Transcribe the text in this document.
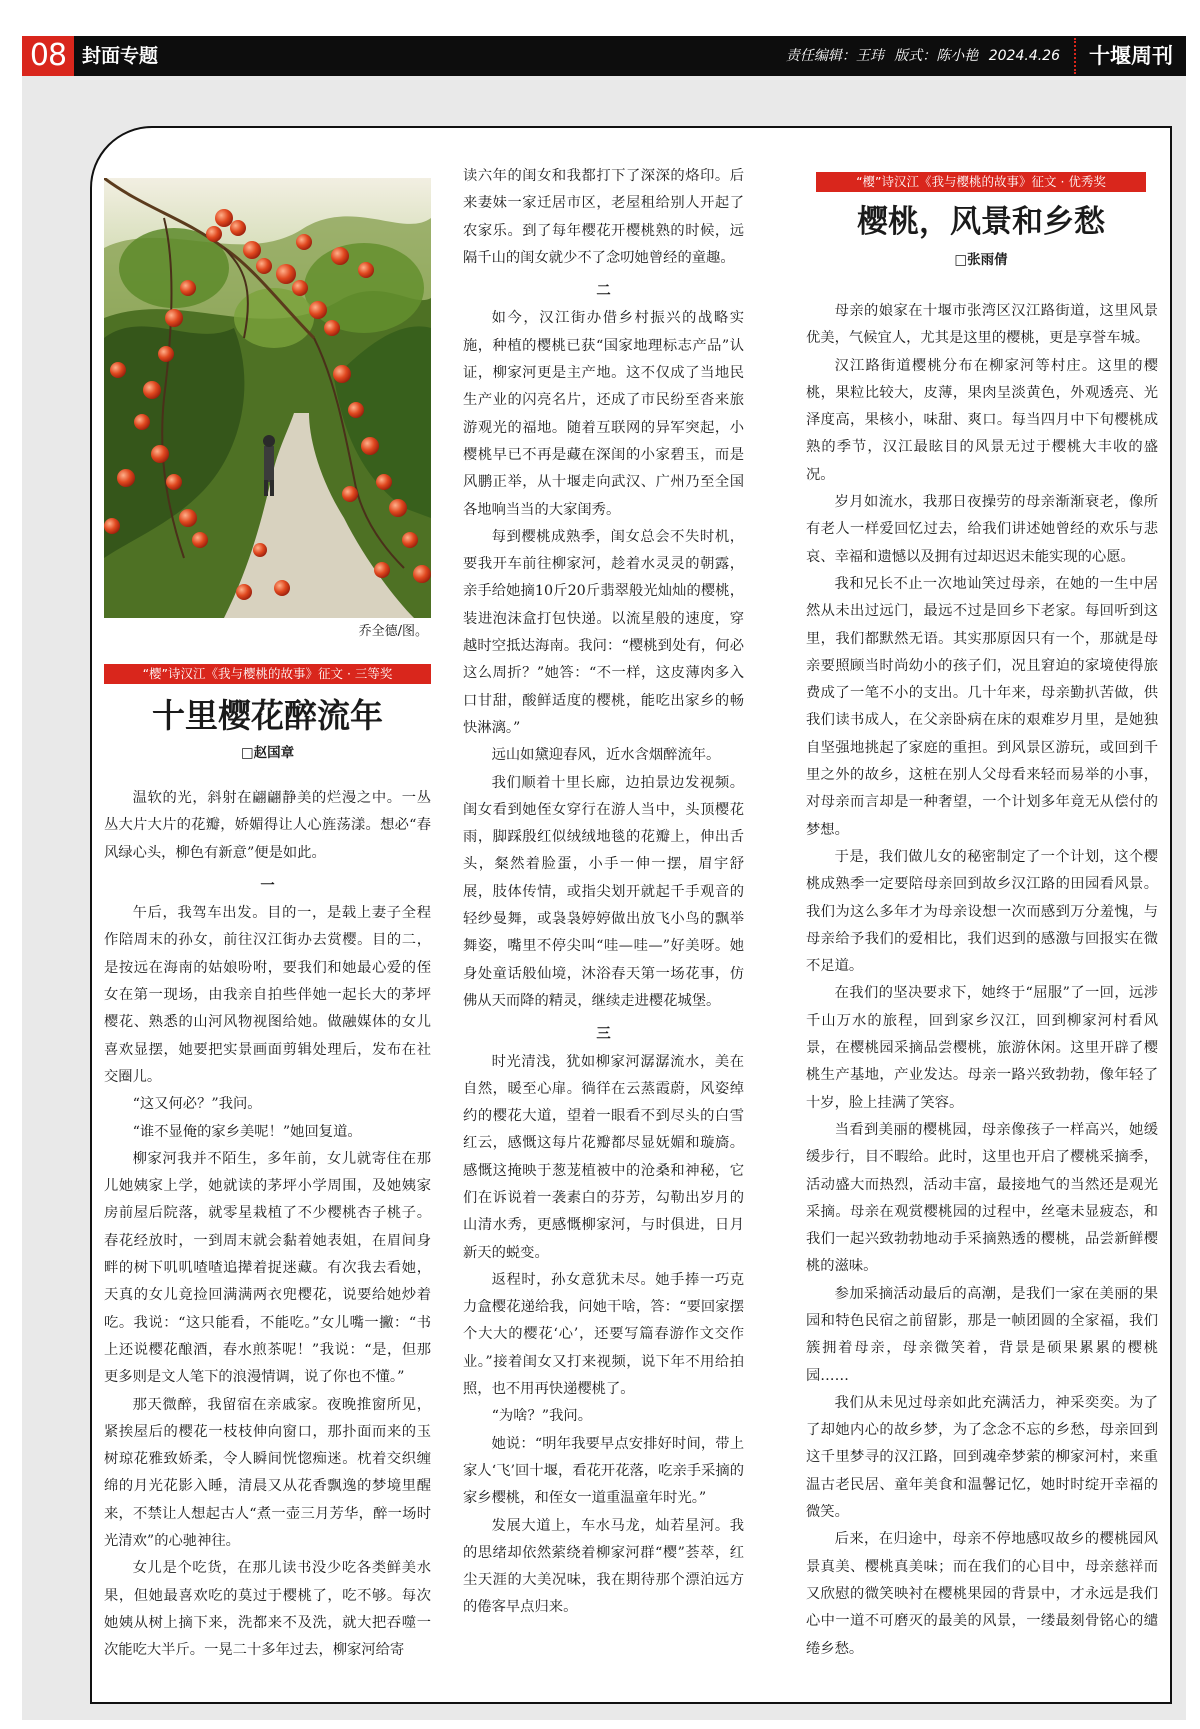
08 封面专题	责任编辑：王玮 版式：陈小艳 2024.4.26	十堰周刊
乔全德/图。
“樱”诗汉江《我与樱桃的故事》征文 · 三等奖
十里樱花醉流年
□赵国章

温软的光，斜射在翩翩静美的烂漫之中。一丛丛大片大片的花瓣，娇媚得让人心旌荡漾。想必“春风绿心头，柳色有新意”便是如此。

一

午后，我驾车出发。目的一，是载上妻子全程作陪周末的孙女，前往汉江街办去赏樱。目的二，是按远在海南的姑娘吩咐，要我们和她最心爱的侄女在第一现场，由我亲自拍些伴她一起长大的茅坪樱花、熟悉的山河风物视图给她。做融媒体的女儿喜欢显摆，她要把实景画面剪辑处理后，发布在社交圈儿。

“这又何必？”我问。

“谁不显俺的家乡美呢！”她回复道。

柳家河我并不陌生，多年前，女儿就寄住在那儿她姨家上学，她就读的茅坪小学周围，及她姨家房前屋后院落，就零星栽植了不少樱桃杏子桃子。春花经放时，一到周末就会黏着她表姐，在眉间身畔的树下叽叽喳喳追撵着捉迷藏。有次我去看她，天真的女儿竟捡回满满两衣兜樱花，说要给她炒着吃。我说：“这只能看，不能吃。”女儿嘴一撇：“书上还说樱花酿酒，春水煎茶呢！”我说：“是，但那更多则是文人笔下的浪漫情调，说了你也不懂。”

那天微醉，我留宿在亲戚家。夜晚推窗所见，紧挨屋后的樱花一枝枝伸向窗口，那扑面而来的玉树琼花雅致娇柔，令人瞬间恍惚痴迷。枕着交织缠绵的月光花影入睡，清晨又从花香飘逸的梦境里醒来，不禁让人想起古人“煮一壶三月芳华，醉一场时光清欢”的心驰神往。

女儿是个吃货，在那儿读书没少吃各类鲜美水果，但她最喜欢吃的莫过于樱桃了，吃不够。每次她姨从树上摘下来，洗都来不及洗，就大把吞噬一次能吃大半斤。一晃二十多年过去，柳家河给寄

读六年的闺女和我都打下了深深的烙印。后来妻妹一家迁居市区，老屋租给别人开起了农家乐。到了每年樱花开樱桃熟的时候，远隔千山的闺女就少不了念叨她曾经的童趣。

二

如今，汉江街办借乡村振兴的战略实施，种植的樱桃已获“国家地理标志产品”认证，柳家河更是主产地。这不仅成了当地民生产业的闪亮名片，还成了市民纷至沓来旅游观光的福地。随着互联网的异军突起，小樱桃早已不再是藏在深闺的小家碧玉，而是风鹏正举，从十堰走向武汉、广州乃至全国各地响当当的大家闺秀。

每到樱桃成熟季，闺女总会不失时机，要我开车前往柳家河，趁着水灵灵的朝露，亲手给她摘10斤20斤翡翠般光灿灿的樱桃，装进泡沫盒打包快递。以流星般的速度，穿越时空抵达海南。我问：“樱桃到处有，何必这么周折？”她答：“不一样，这皮薄肉多入口甘甜，酸鲜适度的樱桃，能吃出家乡的畅快淋漓。”

远山如黛迎春风，近水含烟醉流年。

我们顺着十里长廊，边拍景边发视频。闺女看到她侄女穿行在游人当中，头顶樱花雨，脚踩殷红似绒绒地毯的花瓣上，伸出舌头，粲然着脸蛋，小手一伸一摆，眉宇舒展，肢体传情，或指尖划开就起千手观音的轻纱曼舞，或袅袅婷婷做出放飞小鸟的飘举舞姿，嘴里不停尖叫“哇—哇—”好美呀。她身处童话般仙境，沐浴春天第一场花事，仿佛从天而降的精灵，继续走进樱花城堡。

三

时光清浅，犹如柳家河潺潺流水，美在自然，暖至心扉。徜徉在云蒸霞蔚，风姿绰约的樱花大道，望着一眼看不到尽头的白雪红云，感慨这每片花瓣都尽显妩媚和璇旖。感慨这掩映于葱茏植被中的沧桑和神秘，它们在诉说着一袭素白的芬芳，勾勒出岁月的山清水秀，更感慨柳家河，与时俱进，日月新天的蜕变。

返程时，孙女意犹未尽。她手捧一巧克力盒樱花递给我，问她干啥，答：“要回家摆个大大的樱花‘心’，还要写篇春游作文交作业。”接着闺女又打来视频，说下年不用给拍照，也不用再快递樱桃了。

“为啥？”我问。

她说：“明年我要早点安排好时间，带上家人‘飞’回十堰，看花开花落，吃亲手采摘的家乡樱桃，和侄女一道重温童年时光。”

发展大道上，车水马龙，灿若星河。我的思绪却依然萦绕着柳家河群“樱”荟萃，红尘天涯的大美况味，我在期待那个漂泊远方的倦客早点归来。

“樱”诗汉江《我与樱桃的故事》征文 · 优秀奖
樱桃，风景和乡愁
□张雨倩

母亲的娘家在十堰市张湾区汉江路街道，这里风景优美，气候宜人，尤其是这里的樱桃，更是享誉车城。

汉江路街道樱桃分布在柳家河等村庄。这里的樱桃，果粒比较大，皮薄，果肉呈淡黄色，外观透亮、光泽度高，果核小，味甜、爽口。每当四月中下旬樱桃成熟的季节，汉江最眩目的风景无过于樱桃大丰收的盛况。

岁月如流水，我那日夜操劳的母亲渐渐衰老，像所有老人一样爱回忆过去，给我们讲述她曾经的欢乐与悲哀、幸福和遗憾以及拥有过却迟迟未能实现的心愿。

我和兄长不止一次地讪笑过母亲，在她的一生中居然从未出过远门，最远不过是回乡下老家。每回听到这里，我们都默然无语。其实那原因只有一个，那就是母亲要照顾当时尚幼小的孩子们，况且窘迫的家境使得旅费成了一笔不小的支出。几十年来，母亲勤扒苦做，供我们读书成人，在父亲卧病在床的艰难岁月里，是她独自坚强地挑起了家庭的重担。到风景区游玩，或回到千里之外的故乡，这桩在别人父母看来轻而易举的小事，对母亲而言却是一种奢望，一个计划多年竟无从偿付的梦想。

于是，我们做儿女的秘密制定了一个计划，这个樱桃成熟季一定要陪母亲回到故乡汉江路的田园看风景。我们为这么多年才为母亲设想一次而感到万分羞愧，与母亲给予我们的爱相比，我们迟到的感激与回报实在微不足道。

在我们的坚决要求下，她终于“屈服”了一回，远涉千山万水的旅程，回到家乡汉江，回到柳家河村看风景，在樱桃园采摘品尝樱桃，旅游休闲。这里开辟了樱桃生产基地，产业发达。母亲一路兴致勃勃，像年轻了十岁，脸上挂满了笑容。

当看到美丽的樱桃园，母亲像孩子一样高兴，她缓缓步行，目不暇给。此时，这里也开启了樱桃采摘季，活动盛大而热烈，活动丰富，最接地气的当然还是观光采摘。母亲在观赏樱桃园的过程中，丝毫未显疲态，和我们一起兴致勃勃地动手采摘熟透的樱桃，品尝新鲜樱桃的滋味。

参加采摘活动最后的高潮，是我们一家在美丽的果园和特色民宿之前留影，那是一帧团圆的全家福，我们簇拥着母亲，母亲微笑着，背景是硕果累累的樱桃园……

我们从未见过母亲如此充满活力，神采奕奕。为了了却她内心的故乡梦，为了念念不忘的乡愁，母亲回到这千里梦寻的汉江路，回到魂牵梦萦的柳家河村，来重温古老民居、童年美食和温馨记忆，她时时绽开幸福的微笑。

后来，在归途中，母亲不停地感叹故乡的樱桃园风景真美、樱桃真美味；而在我们的心目中，母亲慈祥而又欣慰的微笑映衬在樱桃果园的背景中，才永远是我们心中一道不可磨灭的最美的风景，一缕最刻骨铭心的缱绻乡愁。
